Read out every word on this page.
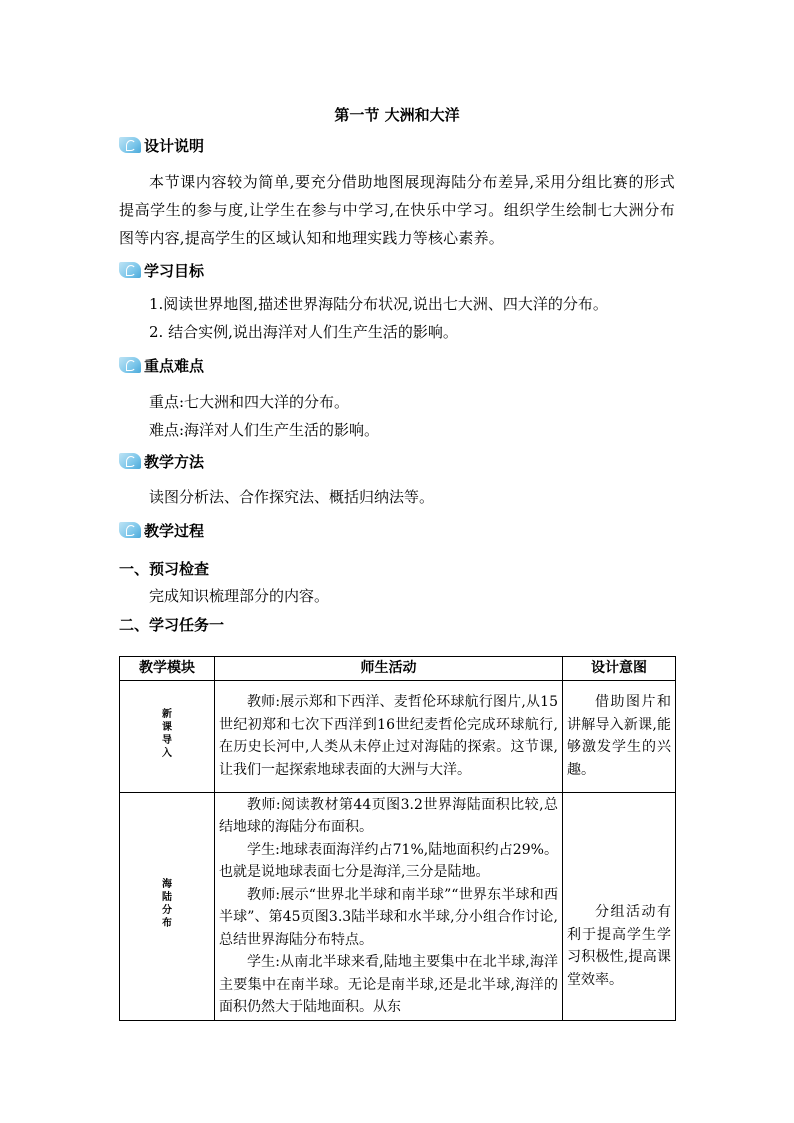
第一节 大洲和大洋
设计说明
本节课内容较为简单,要充分借助地图展现海陆分布差异,采用分组比赛的形式提高学生的参与度,让学生在参与中学习,在快乐中学习。组织学生绘制七大洲分布图等内容,提高学生的区域认知和地理实践力等核心素养。
学习目标
1.阅读世界地图,描述世界海陆分布状况,说出七大洲、四大洋的分布。
2. 结合实例,说出海洋对人们生产生活的影响。
重点难点
重点:七大洲和四大洋的分布。
难点:海洋对人们生产生活的影响。
教学方法
读图分析法、合作探究法、概括归纳法等。
教学过程
一、预习检查
完成知识梳理部分的内容。
二、学习任务一
教学模块	师生活动	设计意图
新课导入	教师:展示郑和下西洋、麦哲伦环球航行图片,从15世纪初郑和七次下西洋到16世纪麦哲伦完成环球航行,在历史长河中,人类从未停止过对海陆的探索。这节课,让我们一起探索地球表面的大洲与大洋。	借助图片和讲解导入新课,能够激发学生的兴趣。

海陆分布	教师:阅读教材第44页图3.2世界海陆面积比较,总结地球的海陆分布面积。

学生:地球表面海洋约占71%,陆地面积约占29%。也就是说地球表面七分是海洋,三分是陆地。

教师:展示“世界北半球和南半球”“世界东半球和西半球”、第45页图3.3陆半球和水半球,分小组合作讨论,总结世界海陆分布特点。

学生:从南北半球来看,陆地主要集中在北半球,海洋主要集中在南半球。无论是南半球,还是北半球,海洋的面积仍然大于陆地面积。从东	分组活动有利于提高学生学习积极性,提高课堂效率。
